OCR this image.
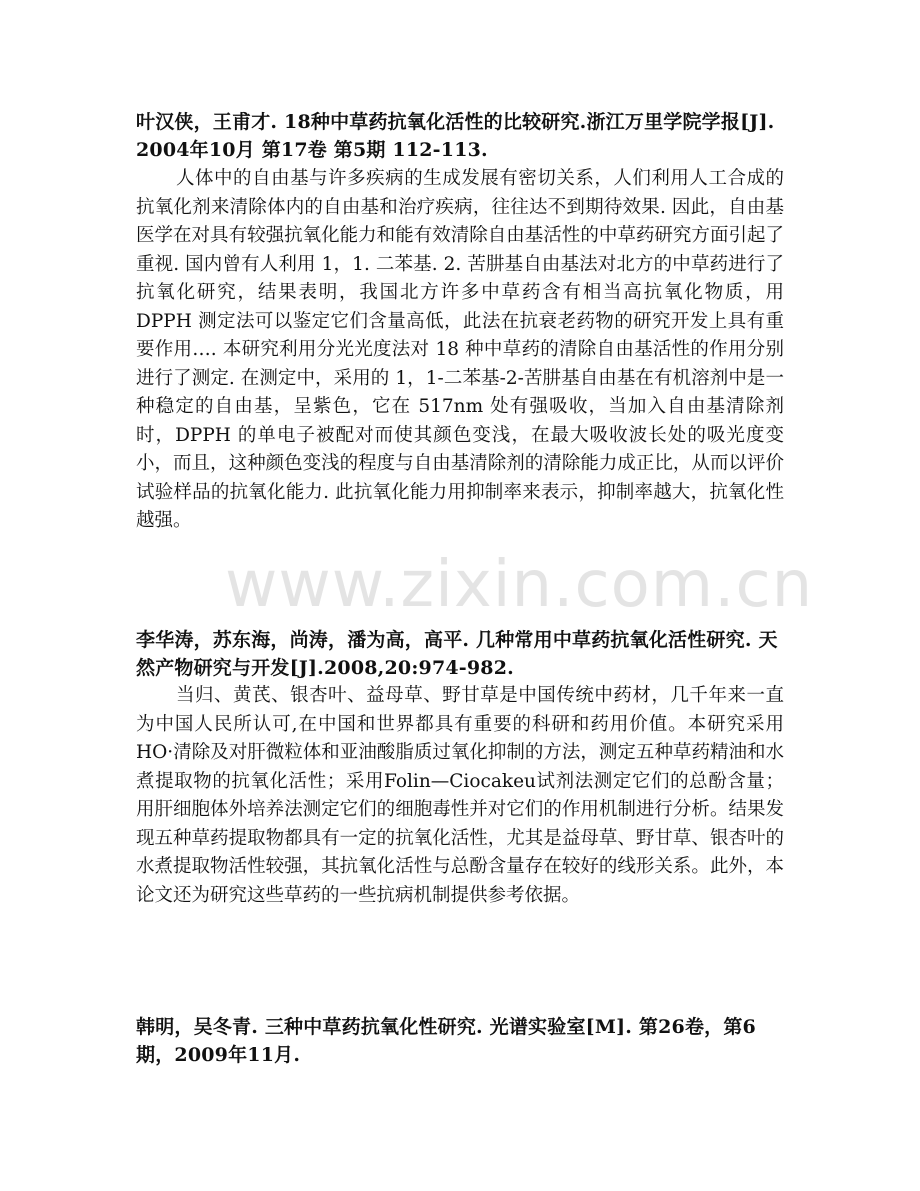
叶汉侠，王甫才. 18种中草药抗氧化活性的比较研究.浙江万里学院学报[J]. 2004年10月 第17卷 第5期 112-113.

人体中的自由基与许多疾病的生成发展有密切关系，人们利用人工合成的抗氧化剂来清除体内的自由基和治疗疾病，往往达不到期待效果. 因此，自由基医学在对具有较强抗氧化能力和能有效清除自由基活性的中草药研究方面引起了重视. 国内曾有人利用 1，1. 二苯基. 2. 苦肼基自由基法对北方的中草药进行了抗氧化研究，结果表明，我国北方许多中草药含有相当高抗氧化物质，用 DPPH 测定法可以鉴定它们含量高低，此法在抗衰老药物的研究开发上具有重要作用…. 本研究利用分光光度法对 18 种中草药的清除自由基活性的作用分别进行了测定. 在测定中，采用的 1，1-二苯基-2-苦肼基自由基在有机溶剂中是一种稳定的自由基，呈紫色，它在 517nm 处有强吸收，当加入自由基清除剂时，DPPH 的单电子被配对而使其颜色变浅，在最大吸收波长处的吸光度变小，而且，这种颜色变浅的程度与自由基清除剂的清除能力成正比，从而以评价试验样品的抗氧化能力. 此抗氧化能力用抑制率来表示，抑制率越大，抗氧化性越强。

李华涛，苏东海，尚涛，潘为高，高平. 几种常用中草药抗氧化活性研究. 天然产物研究与开发[J].2008,20:974-982.

当归、黄芪、银杏叶、益母草、野甘草是中国传统中药材，几千年来一直为中国人民所认可,在中国和世界都具有重要的科研和药用价值。本研究采用HO·清除及对肝微粒体和亚油酸脂质过氧化抑制的方法，测定五种草药精油和水煮提取物的抗氧化活性；采用Folin—Ciocakeu试剂法测定它们的总酚含量；用肝细胞体外培养法测定它们的细胞毒性并对它们的作用机制进行分析。结果发现五种草药提取物都具有一定的抗氧化活性，尤其是益母草、野甘草、银杏叶的水煮提取物活性较强，其抗氧化活性与总酚含量存在较好的线形关系。此外，本论文还为研究这些草药的一些抗病机制提供参考依据。

韩明，吴冬青. 三种中草药抗氧化性研究. 光谱实验室[M]. 第26卷，第6期，2009年11月.

www.zixin.com.cn
